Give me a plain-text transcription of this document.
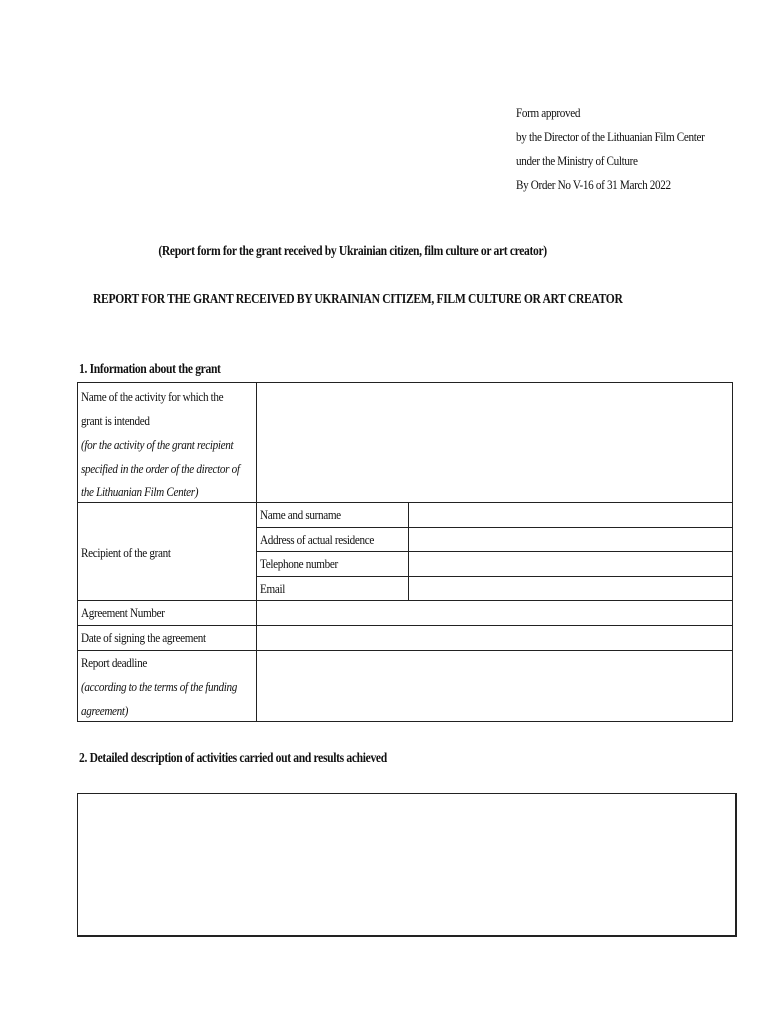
Form approved
by the Director of the Lithuanian Film Center
under the Ministry of Culture
By Order No V-16 of 31 March 2022
(Report form for the grant received by Ukrainian citizen, film culture or art creator)
REPORT FOR THE GRANT RECEIVED BY UKRAINIAN CITIZEM, FILM CULTURE OR ART CREATOR
1. Information about the grant
Name of the activity for which the
grant is intended
(for the activity of the grant recipient
specified in the order of the director of
the Lithuanian Film Center)
Recipient of the grant
Name and surname
Address of actual residence
Telephone number
Email
Agreement Number
Date of signing the agreement
Report deadline
(according to the terms of the funding
agreement)
2. Detailed description of activities carried out and results achieved
